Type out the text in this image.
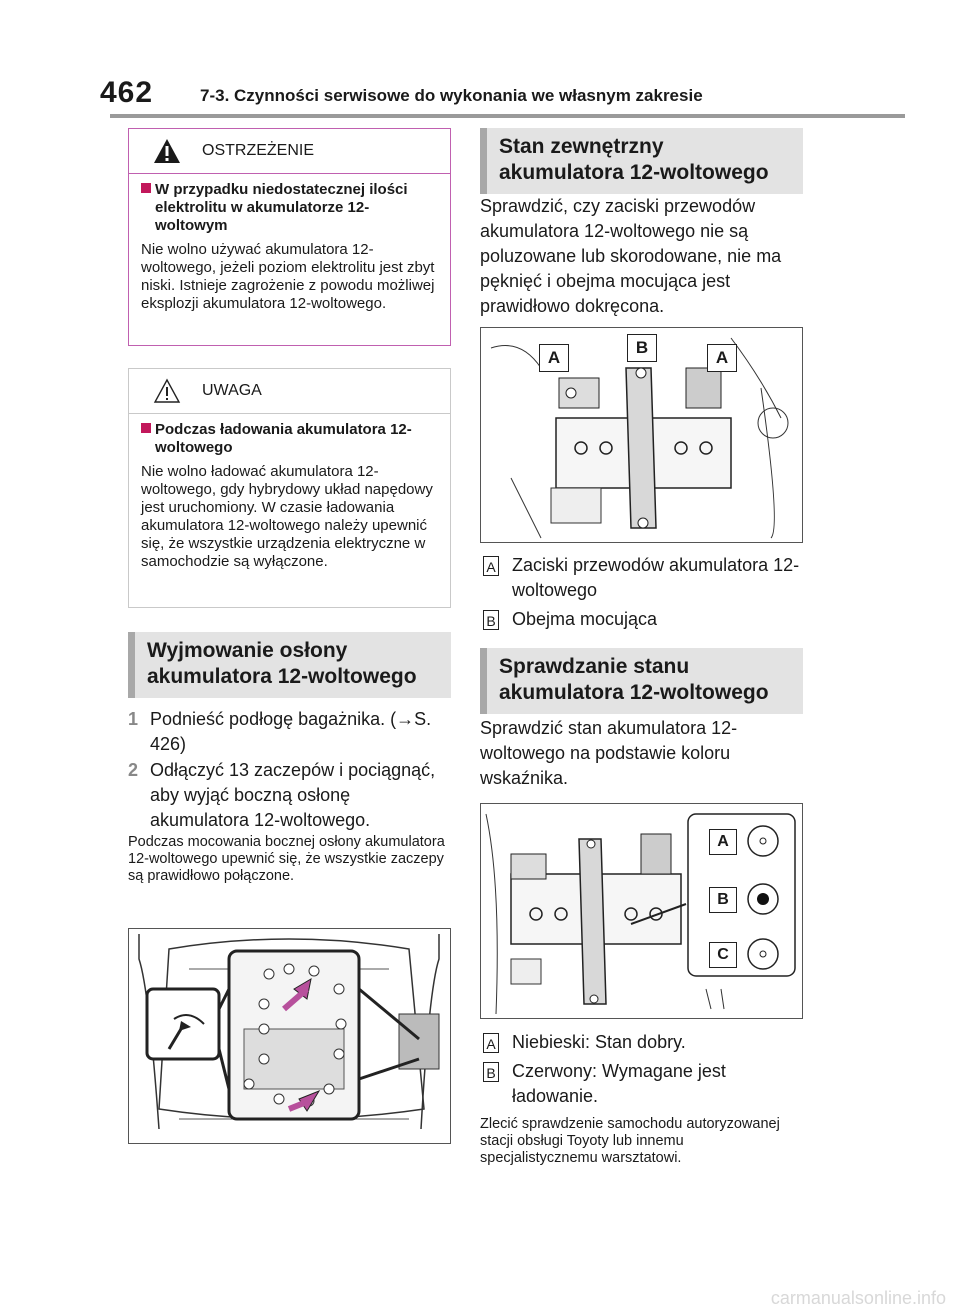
462	7-3. Czynności serwisowe do wykonania we własnym zakresie
OSTRZEŻENIE
W przypadku niedostatecznej ilości elektrolitu w akumulatorze 12-woltowym
Nie wolno używać akumulatora 12-woltowego, jeżeli poziom elektrolitu jest zbyt niski. Istnieje zagrożenie z powodu możliwej eksplozji akumulatora 12-woltowego.
UWAGA
Podczas ładowania akumulatora 12-woltowego
Nie wolno ładować akumulatora 12-woltowego, gdy hybrydowy układ napędowy jest uruchomiony. W czasie ładowania akumulatora 12-woltowego należy upewnić się, że wszystkie urządzenia elektryczne w samochodzie są wyłączone.
Wyjmowanie osłony akumulatora 12-woltowego
1 Podnieść podłogę bagażnika. (→S. 426)
2 Odłączyć 13 zaczepów i pociągnąć, aby wyjąć boczną osłonę akumulatora 12-woltowego.
Podczas mocowania bocznej osłony akumulatora 12-woltowego upewnić się, że wszystkie zaczepy są prawidłowo połączone.
Stan zewnętrzny akumulatora 12-woltowego
Sprawdzić, czy zaciski przewodów akumulatora 12-woltowego nie są poluzowane lub skorodowane, nie ma pęknięć i obejma mocująca jest prawidłowo dokręcona.
A
B
A
A Zaciski przewodów akumulatora 12-woltowego
B Obejma mocująca
Sprawdzanie stanu akumulatora 12-woltowego
Sprawdzić stan akumulatora 12-woltowego na podstawie koloru wskaźnika.
A
B
C
A Niebieski: Stan dobry.
B Czerwony: Wymagane jest ładowanie.
Zlecić sprawdzenie samochodu autoryzowanej stacji obsługi Toyoty lub innemu specjalistycznemu warsztatowi.
carmanualsonline.info
